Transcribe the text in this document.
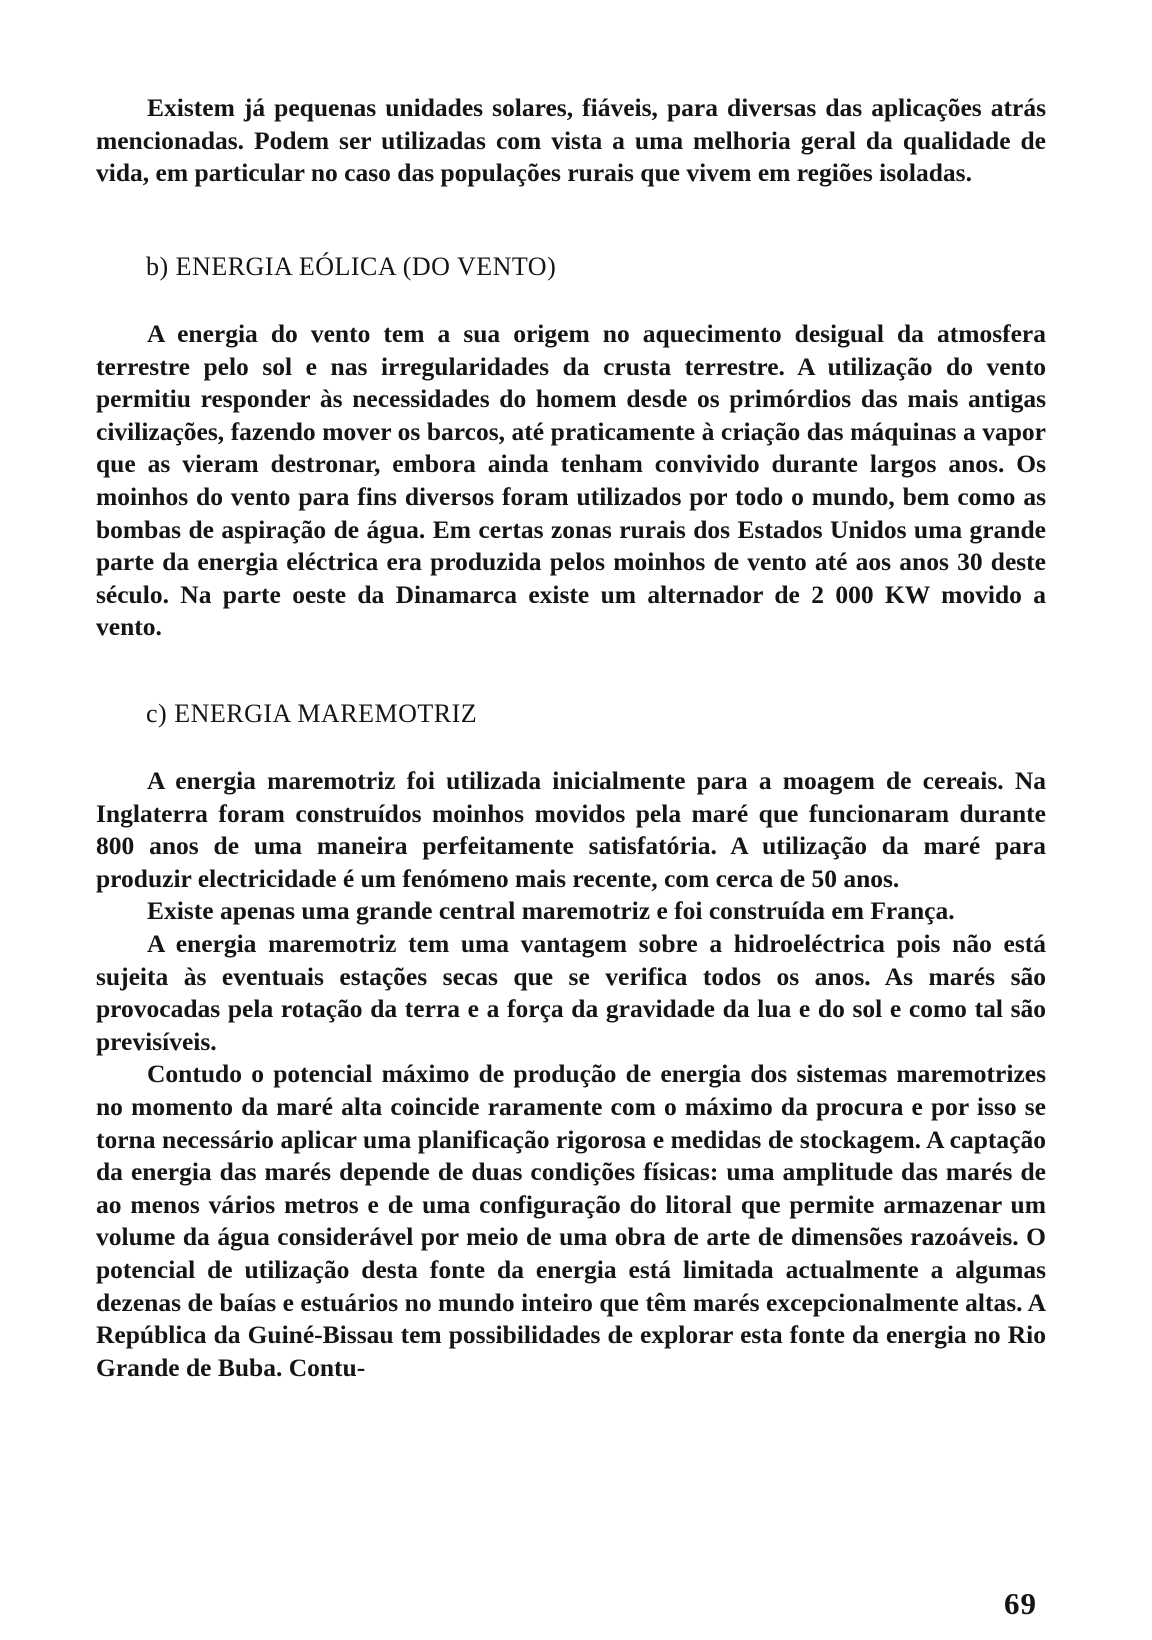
Existem já pequenas unidades solares, fiáveis, para diversas das aplicações atrás mencionadas. Podem ser utilizadas com vista a uma melhoria geral da qualidade de vida, em particular no caso das populações rurais que vivem em regiões isoladas.

b) ENERGIA EÓLICA (DO VENTO)

A energia do vento tem a sua origem no aquecimento desigual da atmosfera terrestre pelo sol e nas irregularidades da crusta terrestre. A utilização do vento permitiu responder às necessidades do homem desde os primórdios das mais antigas civilizações, fazendo mover os barcos, até praticamente à criação das máquinas a vapor que as vieram destronar, embora ainda tenham convivido durante largos anos. Os moinhos do vento para fins diversos foram utilizados por todo o mundo, bem como as bombas de aspiração de água. Em certas zonas rurais dos Estados Unidos uma grande parte da energia eléctrica era produzida pelos moinhos de vento até aos anos 30 deste século. Na parte oeste da Dinamarca existe um alternador de 2 000 KW movido a vento.

c) ENERGIA MAREMOTRIZ

A energia maremotriz foi utilizada inicialmente para a moagem de cereais. Na Inglaterra foram construídos moinhos movidos pela maré que funcionaram durante 800 anos de uma maneira perfeitamente satisfatória. A utilização da maré para produzir electricidade é um fenómeno mais recente, com cerca de 50 anos.

Existe apenas uma grande central maremotriz e foi construída em França.

A energia maremotriz tem uma vantagem sobre a hidroeléctrica pois não está sujeita às eventuais estações secas que se verifica todos os anos. As marés são provocadas pela rotação da terra e a força da gravidade da lua e do sol e como tal são previsíveis.

Contudo o potencial máximo de produção de energia dos sistemas maremotrizes no momento da maré alta coincide raramente com o máximo da procura e por isso se torna necessário aplicar uma planificação rigorosa e medidas de stockagem. A captação da energia das marés depende de duas condições físicas: uma amplitude das marés de ao menos vários metros e de uma configuração do litoral que permite armazenar um volume da água considerável por meio de uma obra de arte de dimensões razoáveis. O potencial de utilização desta fonte da energia está limitada actualmente a algumas dezenas de baías e estuários no mundo inteiro que têm marés excepcionalmente altas. A República da Guiné-Bissau tem possibilidades de explorar esta fonte da energia no Rio Grande de Buba. Contu-

69
